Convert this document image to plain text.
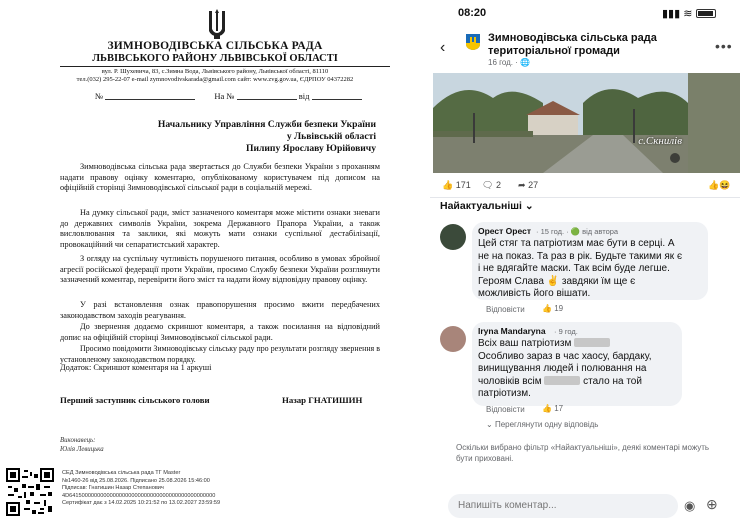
ЗИМНОВОДІВСЬКА СІЛЬСЬКА РАДА
ЛЬВІВСЬКОГО РАЙОНУ ЛЬВІВСЬКОЇ ОБЛАСТІ
вул. Р. Шухевича, 83, с.Зимна Вода, Львівського району, Львівської області, 81110
тел.(032) 295-22-07 e-mail zymnovodivskarada@gmail.com сайт: www.zvg.gov.ua, ЄДРПОУ 04372282
№	На №	від
Начальнику Управління Служби безпеки України
у Львівській області
Пилипу Ярославу Юрійовичу
Зимноводівська сільська рада звертається до Служби безпеки України з проханням надати правову оцінку коментарю, опублікованому користувачем під дописом на офіційній сторінці Зимноводівської сільської ради в соціальній мережі.
На думку сільської ради, зміст зазначеного коментаря може містити ознаки зневаги до державних символів України, зокрема Державного Прапора України, а також висловлювання та заклики, які можуть мати ознаки суспільної дестабілізації, провокаційний чи сепаратистський характер.
З огляду на суспільну чутливість порушеного питання, особливо в умовах збройної агресії російської федерації проти України, просимо Службу безпеки України розглянути зазначений коментар, перевірити його зміст та надати йому відповідну правову оцінку.
У разі встановлення ознак правопорушення просимо вжити передбачених законодавством заходів реагування.
До звернення додаємо скриншот коментаря, а також посилання на відповідний допис на офіційній сторінці Зимноводівської сільської ради.
Просимо повідомити Зимноводівську сільську раду про результати розгляду звернення в установленому законодавством порядку.
Додаток: Скриншот коментаря на 1 аркуші
Перший заступник сільського голови	Назар ГНАТИШИН
Виконавець:
Юлія Левицька
СЕД Зимноводівська сільська рада ТГ Master
№1460-26 від 25.08.2026. Підписано 25.08.2026 15:46:00
Підписав: Гнатишин Назар Степанович
4D64150000000000000000000000000000000000000000000
Сертифікат дає з 14.02.2025 10:21:52 по 13.02.2027 23:59:59
08:20	▮▮▮ ≋
‹
Зимноводівська сільська рада
територіальної громади
16 год. · 🌐
•••
с.Скнилів
👍 171 🗨 2 ➦ 27	👍😆
Найактуальніші ⌄
Орест Орест · 15 год. · 🟢 від автора
Цей стяг та патріотизм має бути в серці. А
не на показ. Та раз в рік. Будьте такими як є
і не вдягайте маски. Так всім буде легше.
Героям Слава ✌ завдяки їм ще є
можливість його вішати.
Відповісти 👍 19
Iryna Mandaryna · 9 год.
Всіх ваш патріотизм
Особливо зараз в час хаосу, бардаку,
винищування людей і полювання на
чоловіків всім	стало на той
патріотизм.
Відповісти 👍 17
⌄ Переглянути одну відповідь
Оскільки вибрано фільтр «Найактуальніші», деякі коментарі можуть бути приховані.
Напишіть коментар...	◉ ⊕
